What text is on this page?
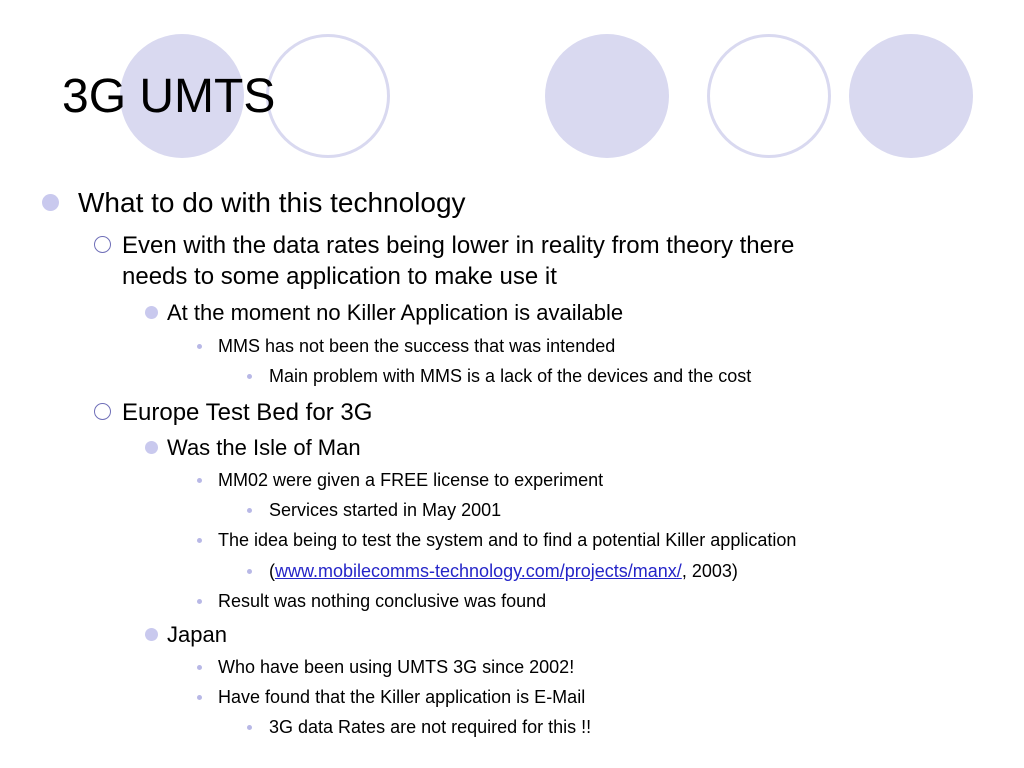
3G UMTS
What to do with this technology
Even with the data rates being lower in reality from theory there
needs to some application to make use it
At the moment no Killer Application is available
MMS has not been the success that was intended
Main problem with MMS is a lack of the devices and the cost
Europe Test Bed for 3G
Was the Isle of Man
MM02 were given a FREE license to experiment
Services started in May 2001
The idea being to test the system and to find a potential Killer application
(www.mobilecomms-technology.com/projects/manx/, 2003)
Result was nothing conclusive was found
Japan
Who have been using UMTS 3G since 2002!
Have found that the Killer application is E-Mail
3G data Rates are not required for this !!
